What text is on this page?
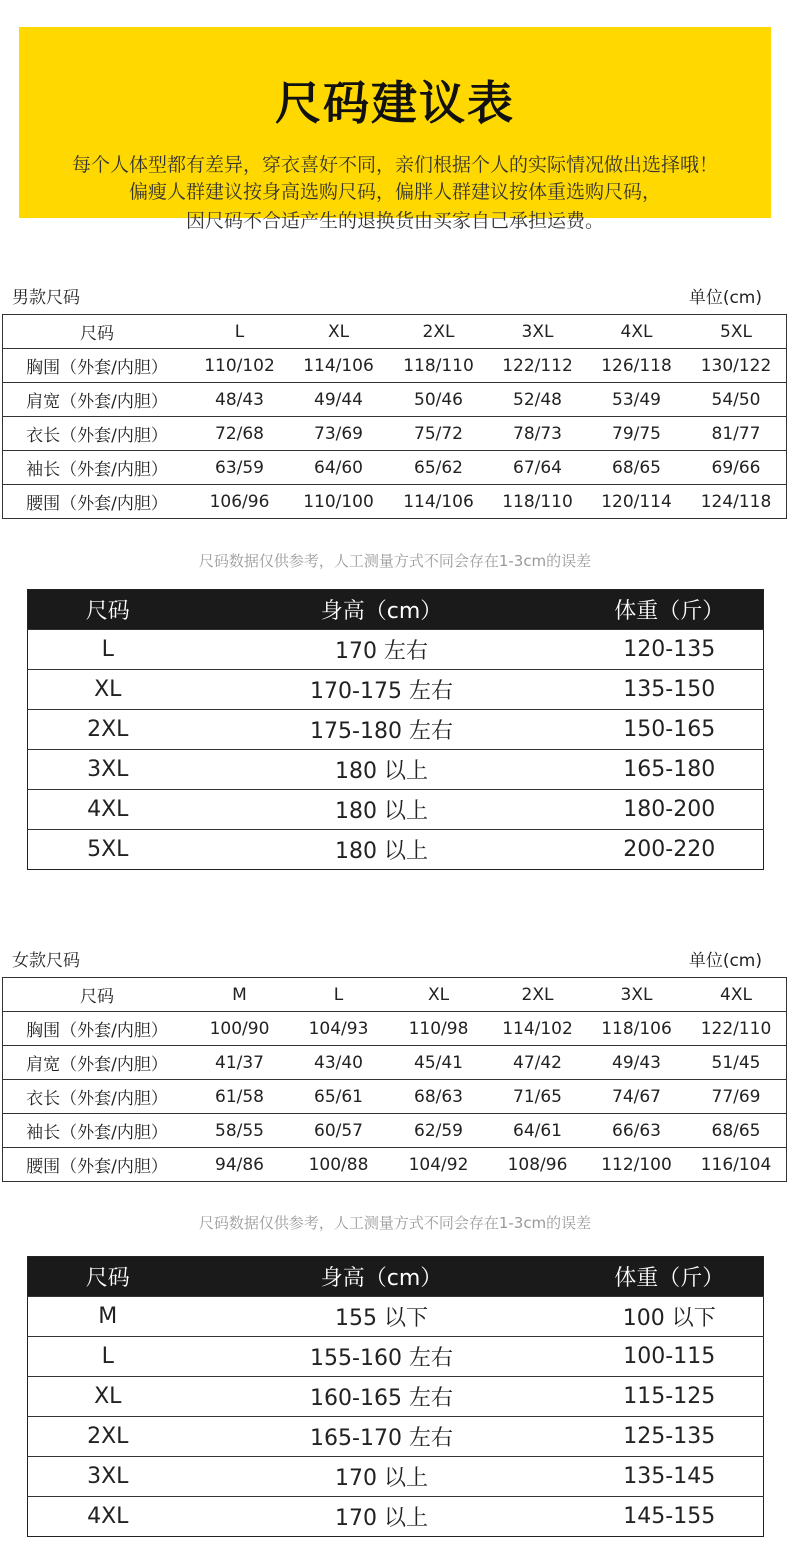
尺码建议表
每个人体型都有差异，穿衣喜好不同，亲们根据个人的实际情况做出选择哦！
偏瘦人群建议按身高选购尺码，偏胖人群建议按体重选购尺码，
因尺码不合适产生的退换货由买家自己承担运费。
男款尺码	单位(cm)
尺码	L	XL	2XL	3XL	4XL	5XL
胸围（外套/内胆）	110/102	114/106	118/110	122/112	126/118	130/122
肩宽（外套/内胆）	48/43	49/44	50/46	52/48	53/49	54/50
衣长（外套/内胆）	72/68	73/69	75/72	78/73	79/75	81/77
袖长（外套/内胆）	63/59	64/60	65/62	67/64	68/65	69/66
腰围（外套/内胆）	106/96	110/100	114/106	118/110	120/114	124/118
尺码数据仅供参考，人工测量方式不同会存在1-3cm的误差
尺码	身高（cm）	体重（斤）
L	170 左右	120-135
XL	170-175 左右	135-150
2XL	175-180 左右	150-165
3XL	180 以上	165-180
4XL	180 以上	180-200
5XL	180 以上	200-220
女款尺码	单位(cm)
尺码	M	L	XL	2XL	3XL	4XL
胸围（外套/内胆）	100/90	104/93	110/98	114/102	118/106	122/110
肩宽（外套/内胆）	41/37	43/40	45/41	47/42	49/43	51/45
衣长（外套/内胆）	61/58	65/61	68/63	71/65	74/67	77/69
袖长（外套/内胆）	58/55	60/57	62/59	64/61	66/63	68/65
腰围（外套/内胆）	94/86	100/88	104/92	108/96	112/100	116/104
尺码数据仅供参考，人工测量方式不同会存在1-3cm的误差
尺码	身高（cm）	体重（斤）
M	155 以下	100 以下
L	155-160 左右	100-115
XL	160-165 左右	115-125
2XL	165-170 左右	125-135
3XL	170 以上	135-145
4XL	170 以上	145-155
